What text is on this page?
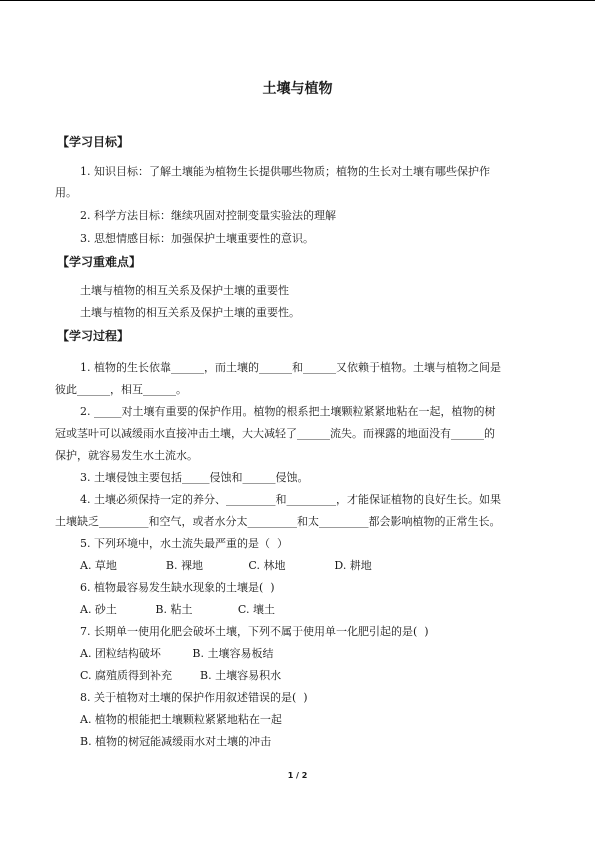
土壤与植物
【学习目标】
1. 知识目标：了解土壤能为植物生长提供哪些物质；植物的生长对土壤有哪些保护作
用。
2. 科学方法目标：继续巩固对控制变量实验法的理解
3. 思想情感目标：加强保护土壤重要性的意识。
【学习重难点】
土壤与植物的相互关系及保护土壤的重要性
土壤与植物的相互关系及保护土壤的重要性。
【学习过程】
1. 植物的生长依靠______，而土壤的______和______又依赖于植物。土壤与植物之间是
彼此______，相互______。
2. _____对土壤有重要的保护作用。植物的根系把土壤颗粒紧紧地粘在一起，植物的树
冠或茎叶可以减缓雨水直接冲击土壤，大大减轻了______流失。而裸露的地面没有______的
保护，就容易发生水土流水。
3. 土壤侵蚀主要包括_____侵蚀和______侵蚀。
4. 土壤必须保持一定的养分、_________和_________，才能保证植物的良好生长。如果
土壤缺乏_________和空气，或者水分太_________和太_________都会影响植物的正常生长。
5. 下列环境中，水土流失最严重的是（  ）
A. 草地              B. 裸地             C. 林地              D. 耕地
6. 植物最容易发生缺水现象的土壤是(  )
A. 砂土           B. 粘土             C. 壤土
7. 长期单一使用化肥会破坏土壤，下列不属于使用单一化肥引起的是(  )
A. 团粒结构破坏         B. 土壤容易板结
C. 腐殖质得到补充        B. 土壤容易积水
8. 关于植物对土壤的保护作用叙述错误的是(  )
A. 植物的根能把土壤颗粒紧紧地粘在一起
B. 植物的树冠能减缓雨水对土壤的冲击
1 / 2
